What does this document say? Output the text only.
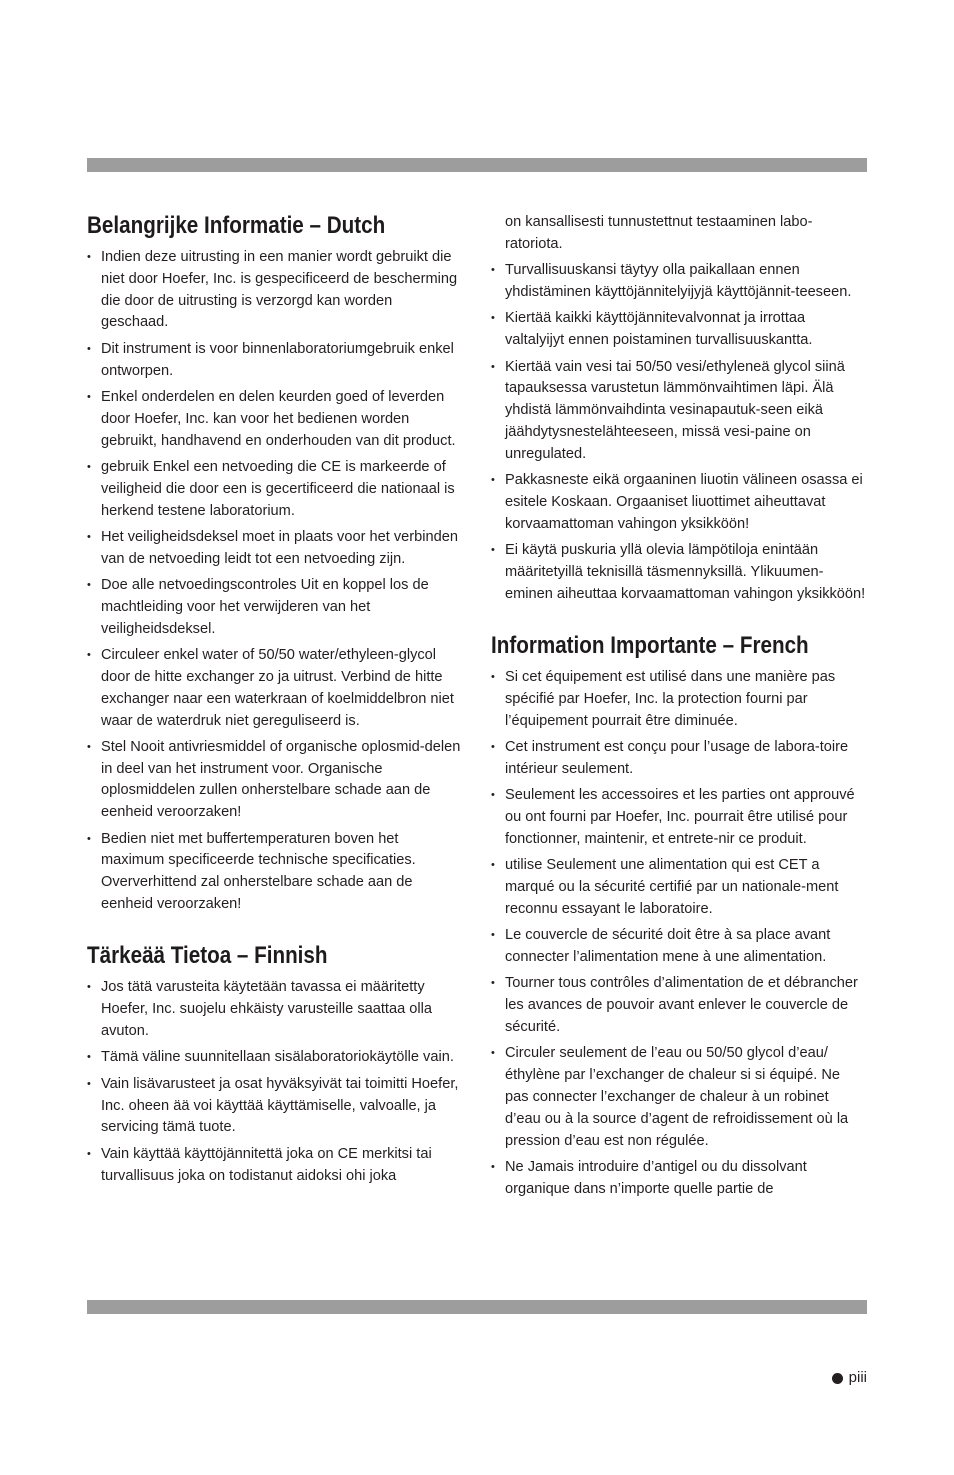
Belangrijke Informatie – Dutch
• Indien deze uitrusting in een manier wordt gebruikt die niet door Hoefer, Inc. is gespecificeerd de bescherming die door de uitrusting is verzorgd kan worden geschaad.
• Dit instrument is voor binnenlaboratoriumgebruik enkel ontworpen.
• Enkel onderdelen en delen keurden goed of leverden door Hoefer, Inc. kan voor het bedienen worden gebruikt, handhavend en onderhouden van dit product.
• gebruik Enkel een netvoeding die CE is markeerde of veiligheid die door een is gecertificeerd die nationaal is herkend testene laboratorium.
• Het veiligheidsdeksel moet in plaats voor het verbinden van de netvoeding leidt tot een netvoeding zijn.
• Doe alle netvoedingscontroles Uit en koppel los de machtleiding voor het verwijderen van het veiligheidsdeksel.
• Circuleer enkel water of 50/50 water/ethyleen-glycol door de hitte exchanger zo ja uitrust. Verbind de hitte exchanger naar een waterkraan of koelmiddelbron niet waar de waterdruk niet gereguliseerd is.
• Stel Nooit antivriesmiddel of organische oplosmid-delen in deel van het instrument voor. Organische oplosmiddelen zullen onherstelbare schade aan de eenheid veroorzaken!
• Bedien niet met buffertemperaturen boven het maximum specificeerde technische specificaties. Oververhittend zal onherstelbare schade aan de eenheid veroorzaken!
Tärkeää Tietoa – Finnish
• Jos tätä varusteita käytetään tavassa ei määritetty Hoefer, Inc. suojelu ehkäisty varusteille saattaa olla avuton.
• Tämä väline suunnitellaan sisälaboratoriokäytölle vain.
• Vain lisävarusteet ja osat hyväksyivät tai toimitti Hoefer, Inc. oheen ää voi käyttää käyttämiselle, valvoalle, ja servicing tämä tuote.
• Vain käyttää käyttöjännitettä joka on CE merkitsi tai turvallisuus joka on todistanut aidoksi ohi joka
on kansallisesti tunnustettnut testaaminen labo-ratoriota.
• Turvallisuuskansi täytyy olla paikallaan ennen yhdistäminen käyttöjännitelyijyjä käyttöjännit-teeseen.
• Kiertää kaikki käyttöjännitevalvonnat ja irrottaa valtalyijyt ennen poistaminen turvallisuuskantta.
• Kiertää vain vesi tai 50/50 vesi/ethyleneä glycol siinä tapauksessa varustetun lämmönvaihtimen läpi. Älä yhdistä lämmönvaihdinta vesinapautuk-seen eikä jäähdytysnestelähteeseen, missä vesi-paine on unregulated.
• Pakkasneste eikä orgaaninen liuotin välineen osassa ei esitele Koskaan. Orgaaniset liuottimet aiheuttavat korvaamattoman vahingon yksikköön!
• Ei käytä puskuria yllä olevia lämpötiloja enintään määritetyillä teknisillä täsmennyksillä. Ylikuumen-eminen aiheuttaa korvaamattoman vahingon yksikköön!
Information Importante – French
• Si cet équipement est utilisé dans une manière pas spécifié par Hoefer, Inc. la protection fourni par l’équipement pourrait être diminuée.
• Cet instrument est conçu pour l’usage de labora-toire intérieur seulement.
• Seulement les accessoires et les parties ont approuvé ou ont fourni par Hoefer, Inc. pourrait être utilisé pour fonctionner, maintenir, et entrete-nir ce produit.
• utilise Seulement une alimentation qui est CET a marqué ou la sécurité certifié par un nationale-ment reconnu essayant le laboratoire.
• Le couvercle de sécurité doit être à sa place avant connecter l’alimentation mene à une alimentation.
• Tourner tous contrôles d’alimentation de et débrancher les avances de pouvoir avant enlever le couvercle de sécurité.
• Circuler seulement de l’eau ou 50/50 glycol d’eau/ éthylène par l’exchanger de chaleur si si équipé. Ne pas connecter l’exchanger de chaleur à un robinet d’eau ou à la source d’agent de refroidissement où la pression d’eau est non régulée.
• Ne Jamais introduire d’antigel ou du dissolvant organique dans n’importe quelle partie de
piii
